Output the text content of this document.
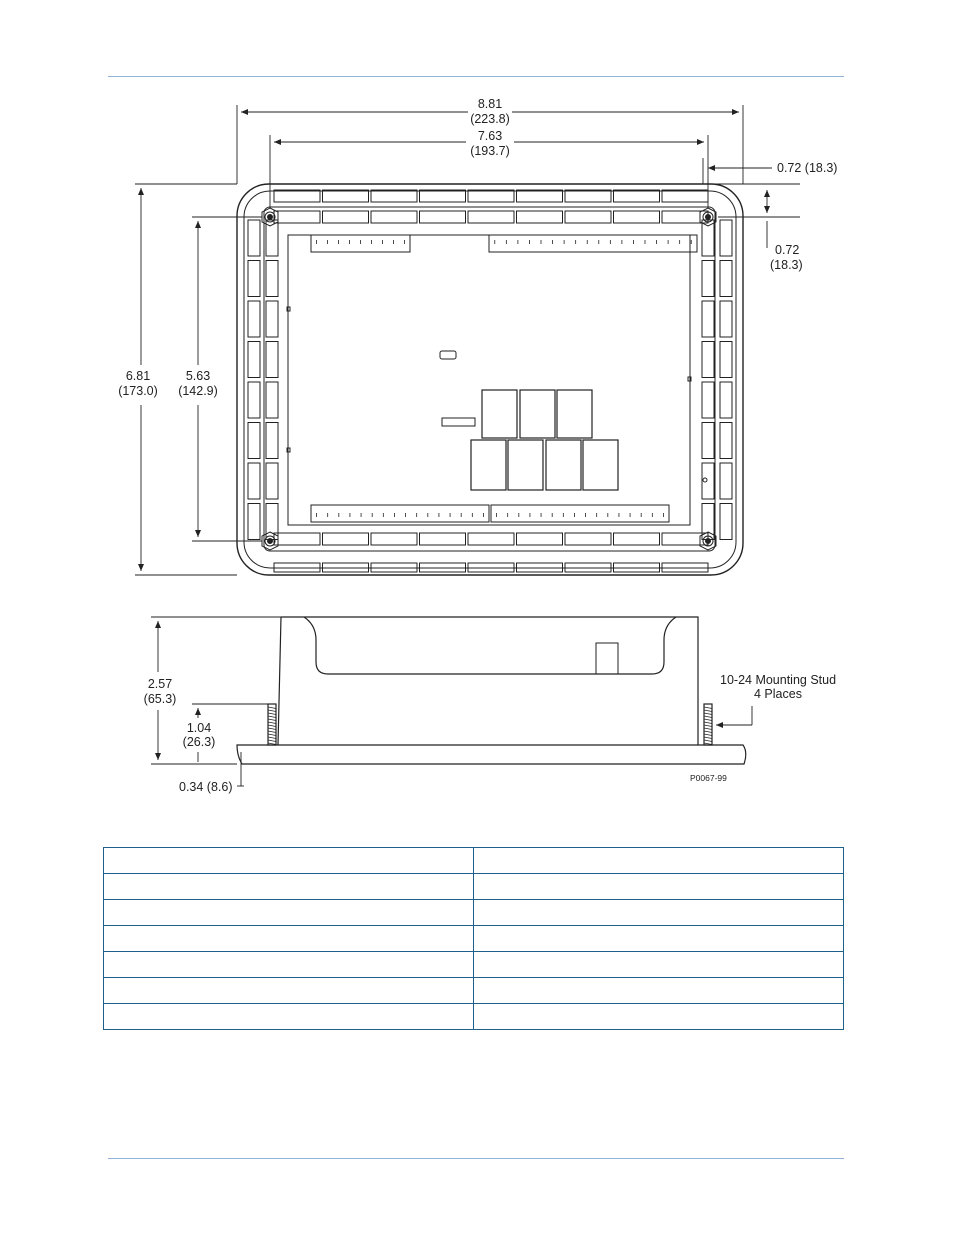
8.81
(223.8)
7.63
(193.7)
0.72 (18.3)
0.72
(18.3)
6.81
(173.0)
5.63
(142.9)
2.57
(65.3)
1.04
(26.3)
0.34 (8.6)
10-24 Mounting Stud
4 Places
P0067-99
